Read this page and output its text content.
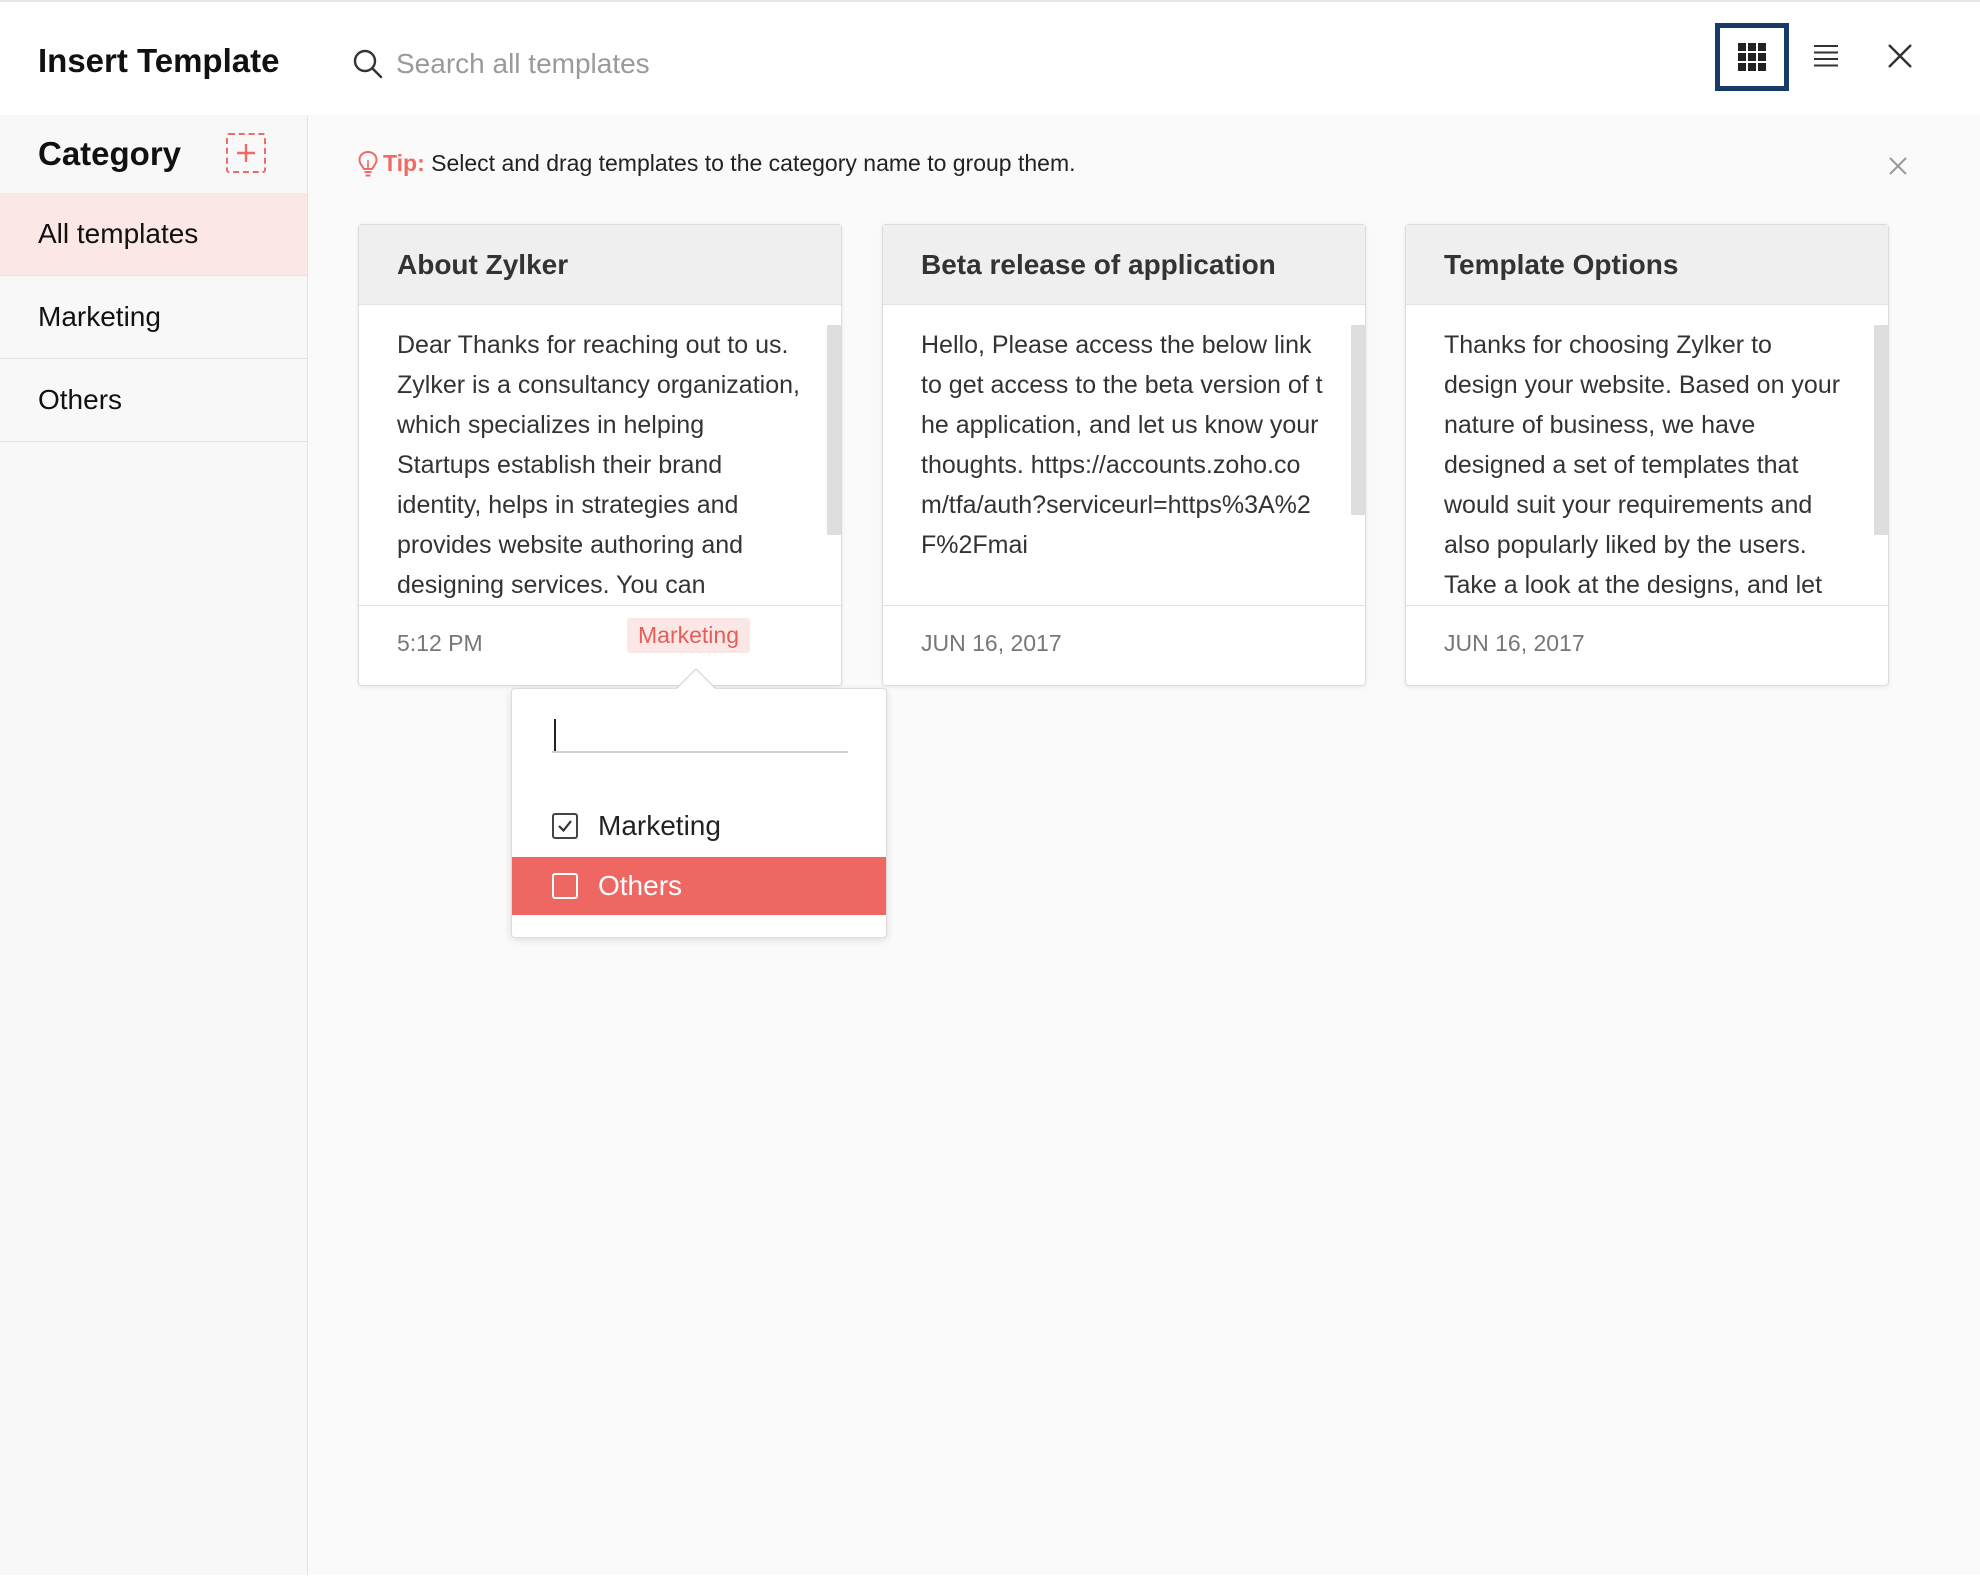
Insert Template
Search all templates
Category
All templates
Marketing
Others
Tip: Select and drag templates to the category name to group them.
About Zylker
Dear Thanks for reaching out to us. Zylker is a consultancy organization, which specializes in helping Startups establish their brand identity, helps in strategies and provides website authoring and designing services. You can
5:12 PM	Marketing
Beta release of application
Hello, Please access the below link to get access to the beta version of the application, and let us know your thoughts. https://accounts.zoho.com/tfa/auth?serviceurl=https%3A%2F%2Fmai
JUN 16, 2017
Template Options
Thanks for choosing Zylker to design your website. Based on your nature of business, we have designed a set of templates that would suit your requirements and also popularly liked by the users. Take a look at the designs, and let
JUN 16, 2017
Marketing
Others
